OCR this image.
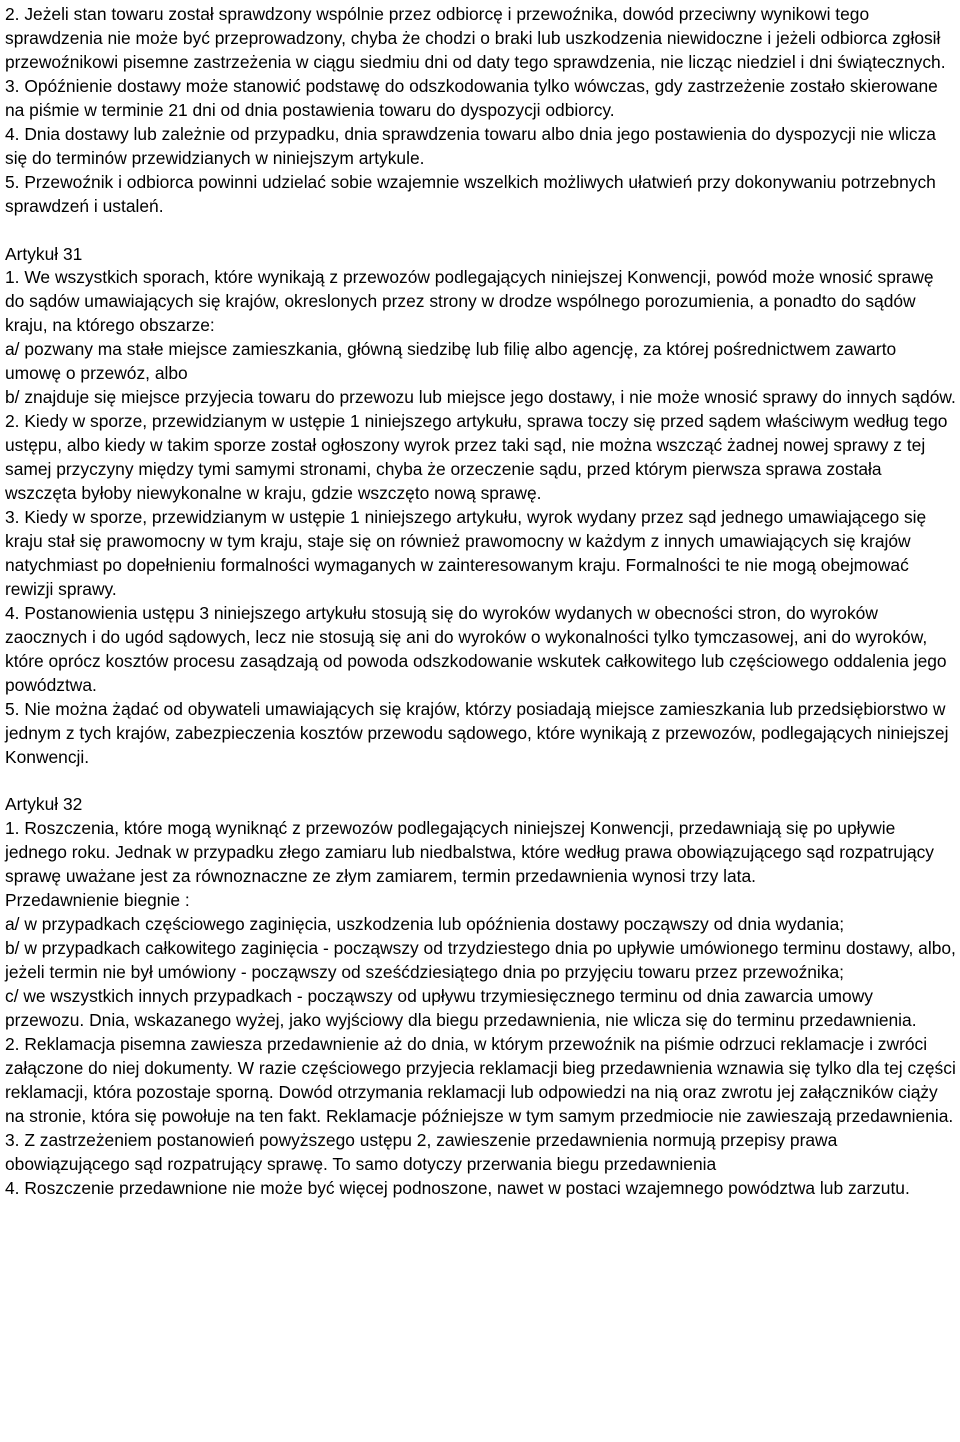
2. Jeżeli stan towaru został sprawdzony wspólnie przez odbiorcę i przewoźnika, dowód przeciwny wynikowi tego sprawdzenia nie może być przeprowadzony, chyba że chodzi o braki lub uszkodzenia niewidoczne i jeżeli odbiorca zgłosił przewoźnikowi pisemne zastrzeżenia w ciągu siedmiu dni od daty tego sprawdzenia, nie licząc niedziel i dni świątecznych.

3. Opóźnienie dostawy może stanowić podstawę do odszkodowania tylko wówczas, gdy zastrzeżenie zostało skierowane na piśmie w terminie 21 dni od dnia postawienia towaru do dyspozycji odbiorcy.

4. Dnia dostawy lub zależnie od przypadku, dnia sprawdzenia towaru albo dnia jego postawienia do dyspozycji nie wlicza się do terminów przewidzianych w niniejszym artykule.

5. Przewoźnik i odbiorca powinni udzielać sobie wzajemnie wszelkich możliwych ułatwień przy dokonywaniu potrzebnych sprawdzeń i ustaleń.

Artykuł 31

1. We wszystkich sporach, które wynikają z przewozów podlegających niniejszej Konwencji, powód może wnosić sprawę do sądów umawiających się krajów, okreslonych przez strony w drodze wspólnego porozumienia, a ponadto do sądów kraju, na którego obszarze:

a/ pozwany ma stałe miejsce zamieszkania, główną siedzibę lub filię albo agencję, za której pośrednictwem zawarto umowę o przewóz, albo

b/ znajduje się miejsce przyjecia towaru do przewozu lub miejsce jego dostawy, i nie może wnosić sprawy do innych sądów.

2. Kiedy w sporze, przewidzianym w ustępie 1 niniejszego artykułu, sprawa toczy się przed sądem właściwym według tego ustępu, albo kiedy w takim sporze został ogłoszony wyrok przez taki sąd, nie można wszcząć żadnej nowej sprawy z tej samej przyczyny między tymi samymi stronami, chyba że orzeczenie sądu, przed którym pierwsza sprawa została wszczęta byłoby niewykonalne w kraju, gdzie wszczęto nową sprawę.

3. Kiedy w sporze, przewidzianym w ustępie 1 niniejszego artykułu, wyrok wydany przez sąd jednego umawiającego się kraju stał się prawomocny w tym kraju, staje się on również prawomocny w każdym z innych umawiających się krajów natychmiast po dopełnieniu formalności wymaganych w zainteresowanym kraju. Formalności te nie mogą obejmować rewizji sprawy.

4. Postanowienia ustępu 3 niniejszego artykułu stosują się do wyroków wydanych w obecności stron, do wyroków zaocznych i do ugód sądowych, lecz nie stosują się ani do wyroków o wykonalności tylko tymczasowej, ani do wyroków, które oprócz kosztów procesu zasądzają od powoda odszkodowanie wskutek całkowitego lub częściowego oddalenia jego powództwa.

5. Nie można żądać od obywateli umawiających się krajów, którzy posiadają miejsce zamieszkania lub przedsiębiorstwo w jednym z tych krajów, zabezpieczenia kosztów przewodu sądowego, które wynikają z przewozów, podlegających niniejszej Konwencji.

Artykuł 32

1. Roszczenia, które mogą wyniknąć z przewozów podlegających niniejszej Konwencji, przedawniają się po upływie jednego roku. Jednak w przypadku złego zamiaru lub niedbalstwa, które według prawa obowiązującego sąd rozpatrujący sprawę uważane jest za równoznaczne ze złym zamiarem, termin przedawnienia wynosi trzy lata.

Przedawnienie biegnie :

a/ w przypadkach częściowego zaginięcia, uszkodzenia lub opóźnienia dostawy począwszy od dnia wydania;

b/ w przypadkach całkowitego zaginięcia - począwszy od trzydziestego dnia po upływie umówionego terminu dostawy, albo, jeżeli termin nie był umówiony - począwszy od sześćdziesiątego dnia po przyjęciu towaru przez przewoźnika;

c/ we wszystkich innych przypadkach - począwszy od upływu trzymiesięcznego terminu od dnia zawarcia umowy przewozu. Dnia, wskazanego wyżej, jako wyjściowy dla biegu przedawnienia, nie wlicza się do terminu przedawnienia.

2. Reklamacja pisemna zawiesza przedawnienie aż do dnia, w którym przewoźnik na piśmie odrzuci reklamacje i zwróci załączone do niej dokumenty. W razie częściowego przyjecia reklamacji bieg przedawnienia wznawia się tylko dla tej części reklamacji, która pozostaje sporną. Dowód otrzymania reklamacji lub odpowiedzi na nią oraz zwrotu jej załączników ciąży na stronie, która się powołuje na ten fakt. Reklamacje późniejsze w tym samym przedmiocie nie zawieszają przedawnienia.

3. Z zastrzeżeniem postanowień powyższego ustępu 2, zawieszenie przedawnienia normują przepisy prawa obowiązującego sąd rozpatrujący sprawę. To samo dotyczy przerwania biegu przedawnienia

4. Roszczenie przedawnione nie może być więcej podnoszone, nawet w postaci wzajemnego powództwa lub zarzutu.
